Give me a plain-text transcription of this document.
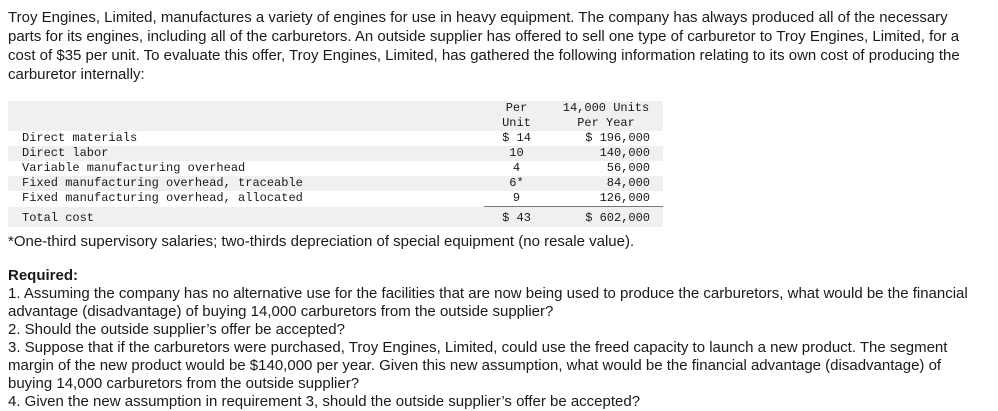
Troy Engines, Limited, manufactures a variety of engines for use in heavy equipment. The company has always produced all of the necessary parts for its engines, including all of the carburetors. An outside supplier has offered to sell one type of carburetor to Troy Engines, Limited, for a cost of $35 per unit. To evaluate this offer, Troy Engines, Limited, has gathered the following information relating to its own cost of producing the carburetor internally:

	Per	14,000 Units
	Unit	Per Year
Direct materials	$ 14	$ 196,000
Direct labor	10	140,000
Variable manufacturing overhead	4	56,000
Fixed manufacturing overhead, traceable	6*	84,000
Fixed manufacturing overhead, allocated	9	126,000
Total cost	$ 43	$ 602,000

*One-third supervisory salaries; two-thirds depreciation of special equipment (no resale value).

Required:

1. Assuming the company has no alternative use for the facilities that are now being used to produce the carburetors, what would be the financial advantage (disadvantage) of buying 14,000 carburetors from the outside supplier?

2. Should the outside supplier’s offer be accepted?

3. Suppose that if the carburetors were purchased, Troy Engines, Limited, could use the freed capacity to launch a new product. The segment margin of the new product would be $140,000 per year. Given this new assumption, what would be the financial advantage (disadvantage) of buying 14,000 carburetors from the outside supplier?

4. Given the new assumption in requirement 3, should the outside supplier’s offer be accepted?
